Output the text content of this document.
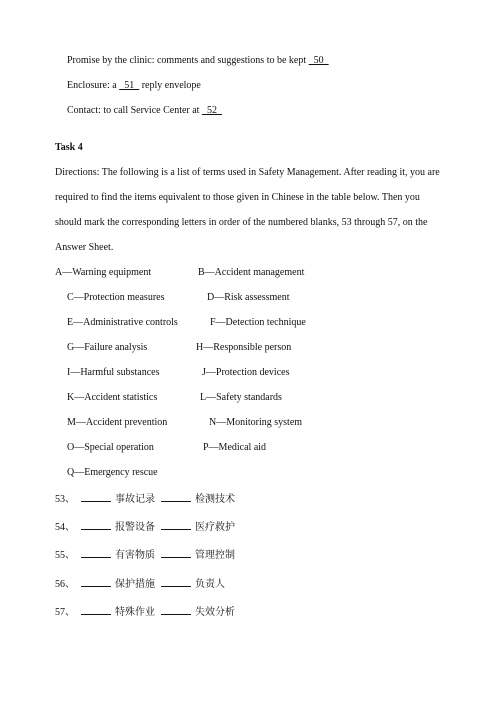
Promise by the clinic: comments and suggestions to be kept   50
Enclosure: a   51   reply envelope
Contact: to call Service Center at   52
Task 4
Directions: The following is a list of terms used in Safety Management. After reading it, you are
required to find the items equivalent to those given in Chinese in the table below. Then you
should mark the corresponding letters in order of the numbered blanks, 53 through 57, on the
Answer Sheet.
A—Warning equipment	B—Accident management
C—Protection measures	D—Risk assessment
E—Administrative controls	F—Detection technique
G—Failure analysis	H—Responsible person
I—Harmful substances	J—Protection devices
K—Accident statistics	L—Safety standards
M—Accident prevention	N—Monitoring system
O—Special operation	P—Medical aid
Q—Emergency rescue
53、	事故记录	检测技术
54、	报警设备	医疗救护
55、	有害物质	管理控制
56、	保护措施	负责人
57、	特殊作业	失效分析
